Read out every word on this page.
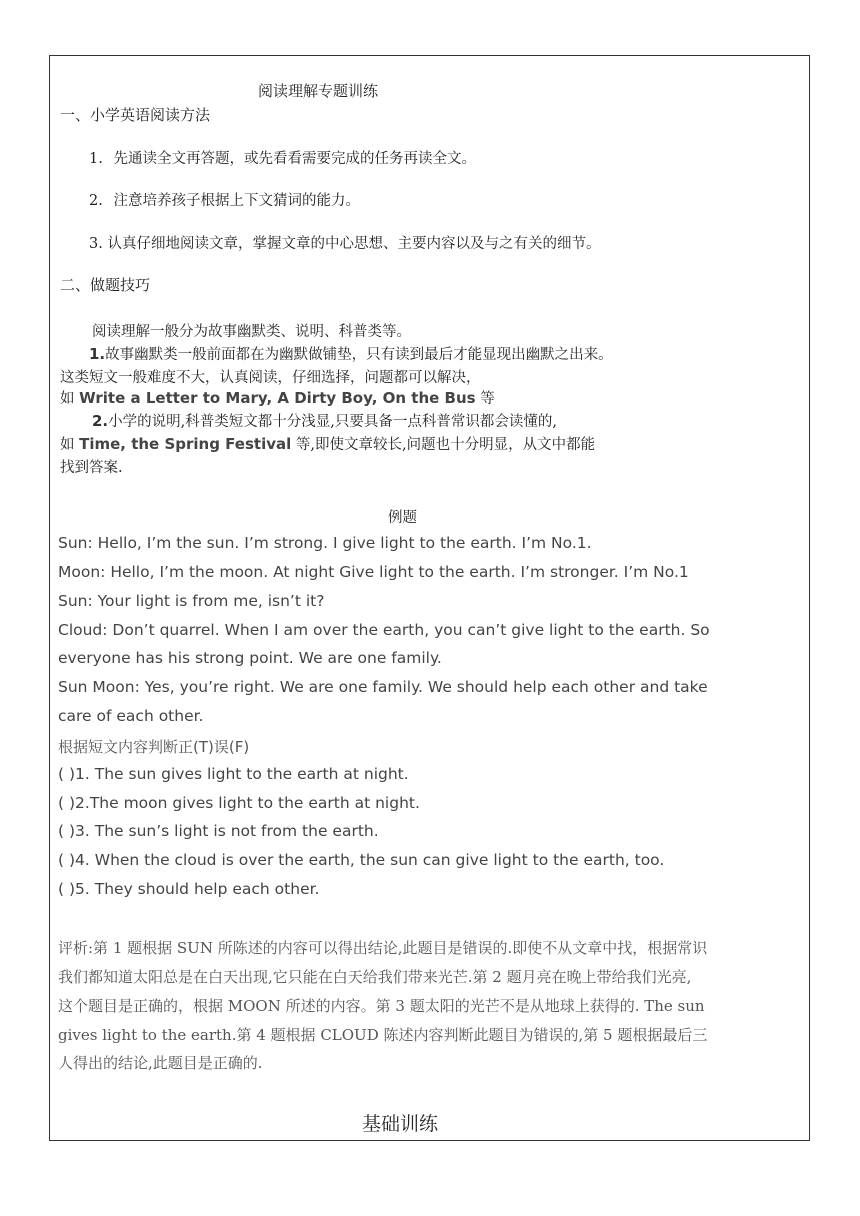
阅读理解专题训练
一、小学英语阅读方法
1. 先通读全文再答题，或先看看需要完成的任务再读全文。
2. 注意培养孩子根据上下文猜词的能力。
3. 认真仔细地阅读文章，掌握文章的中心思想、主要内容以及与之有关的细节。
二、做题技巧
阅读理解一般分为故事幽默类、说明、科普类等。
1.故事幽默类一般前面都在为幽默做铺垫，只有读到最后才能显现出幽默之出来。
这类短文一般难度不大，认真阅读，仔细选择，问题都可以解决，
如 Write a Letter to Mary, A Dirty Boy, On the Bus 等
2.小学的说明,科普类短文都十分浅显,只要具备一点科普常识都会读懂的,
如 Time, the Spring Festival 等,即使文章较长,问题也十分明显，从文中都能
找到答案.
例题
Sun: Hello, I’m the sun. I’m strong. I give light to the earth. I’m No.1.
Moon: Hello, I’m the moon. At night Give light to the earth. I’m stronger. I’m No.1
Sun: Your light is from me, isn’t it?
Cloud: Don’t quarrel. When I am over the earth, you can’t give light to the earth. So
everyone has his strong point. We are one family.
Sun Moon: Yes, you’re right. We are one family. We should help each other and take
care of each other.
根据短文内容判断正(T)误(F)
( )1. The sun gives light to the earth at night.
( )2.The moon gives light to the earth at night.
( )3. The sun’s light is not from the earth.
( )4. When the cloud is over the earth, the sun can give light to the earth, too.
( )5. They should help each other.
评析:第 1 题根据 SUN 所陈述的内容可以得出结论,此题目是错误的.即使不从文章中找，根据常识
我们都知道太阳总是在白天出现,它只能在白天给我们带来光芒.第 2 题月亮在晚上带给我们光亮,
这个题目是正确的，根据 MOON 所述的内容。第 3 题太阳的光芒不是从地球上获得的. The sun
gives light to the earth.第 4 题根据 CLOUD 陈述内容判断此题目为错误的,第 5 题根据最后三
人得出的结论,此题目是正确的.
基础训练
